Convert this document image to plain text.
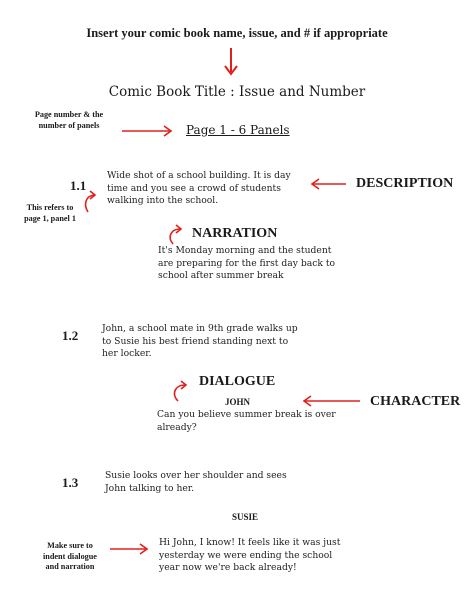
Insert your comic book name, issue, and # if appropriate
Comic Book Title : Issue and Number
Page number & the
number of panels	Page 1 - 6 Panels
1.1
This refers to
page 1, panel 1
Wide shot of a school building. It is day
time and you see a crowd of students
walking into the school.
DESCRIPTION
NARRATION
It's Monday morning and the student
are preparing for the first day back to
school after summer break
1.2	John, a school mate in 9th grade walks up
to Susie his best friend standing next to
her locker.
DIALOGUE
JOHN	CHARACTER
Can you believe summer break is over
already?
1.3	Susie looks over her shoulder and sees
John talking to her.
SUSIE
Make sure to
indent dialogue
and narration
Hi John, I know! It feels like it was just
yesterday we were ending the school
year now we're back already!
